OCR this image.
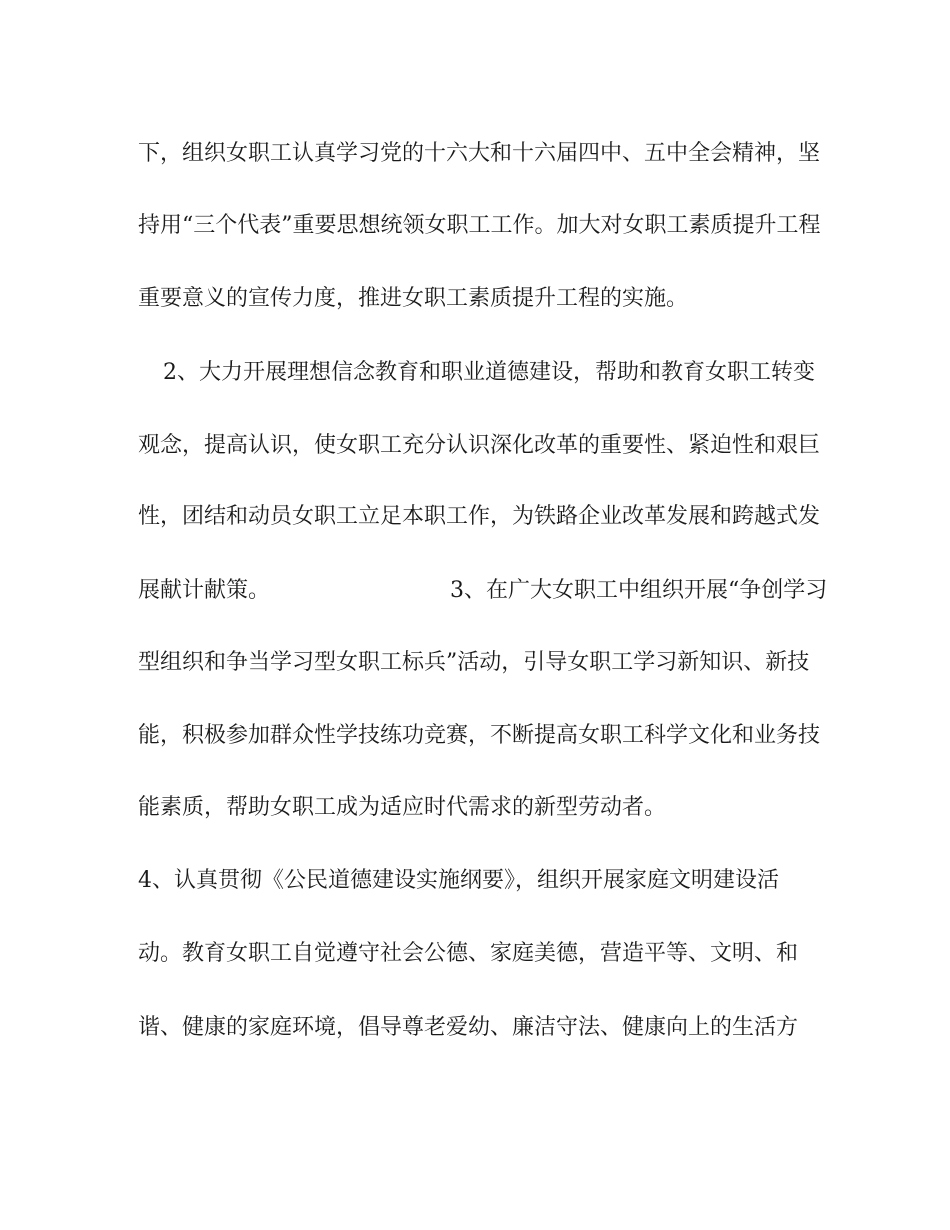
下，组织女职工认真学习党的十六大和十六届四中、五中全会精神，坚
持用“三个代表”重要思想统领女职工工作。加大对女职工素质提升工程
重要意义的宣传力度，推进女职工素质提升工程的实施。
2、大力开展理想信念教育和职业道德建设，帮助和教育女职工转变
观念，提高认识，使女职工充分认识深化改革的重要性、紧迫性和艰巨
性，团结和动员女职工立足本职工作，为铁路企业改革发展和跨越式发
展献计献策。	3、在广大女职工中组织开展“争创学习
型组织和争当学习型女职工标兵”活动，引导女职工学习新知识、新技
能，积极参加群众性学技练功竞赛，不断提高女职工科学文化和业务技
能素质，帮助女职工成为适应时代需求的新型劳动者。
4、认真贯彻《公民道德建设实施纲要》，组织开展家庭文明建设活
动。教育女职工自觉遵守社会公德、家庭美德，营造平等、文明、和
谐、健康的家庭环境，倡导尊老爱幼、廉洁守法、健康向上的生活方
